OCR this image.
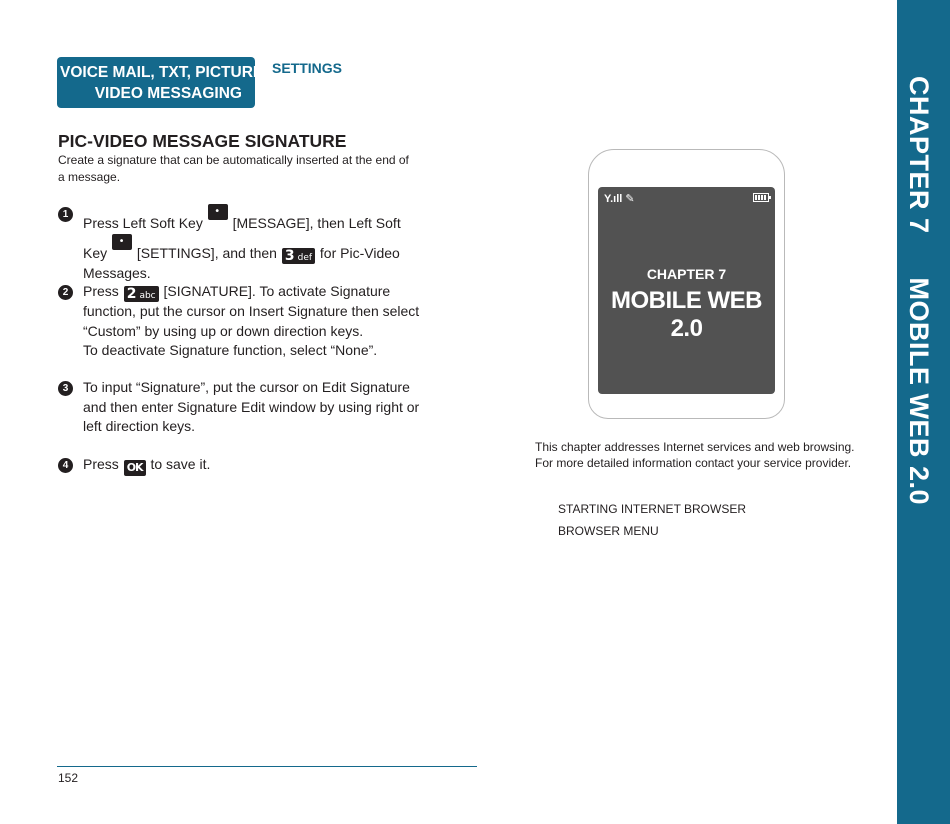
VOICE MAIL, TXT, PICTURE,
VIDEO MESSAGING
SETTINGS
PIC-VIDEO MESSAGE SIGNATURE
Create a signature that can be automatically inserted at the end of a message.
1
Press Left Soft Key • • [MESSAGE], then Left Soft Key • • [SETTINGS], and then 3 def for Pic-Video Messages.
2	Press 2 abc [SIGNATURE]. To activate Signature function, put the cursor on Insert Signature then select “Custom” by using up or down direction keys.
To deactivate Signature function, select “None”.
3	To input “Signature”, put the cursor on Edit Signature and then enter Signature Edit window by using right or left direction keys.
4	Press OK to save it.
152
Y.ıll ✎
CHAPTER 7
MOBILE WEB 2.0
This chapter addresses Internet services and web browsing.
For more detailed information contact your service provider.
STARTING INTERNET BROWSER
BROWSER MENU
CHAPTER 7MOBILE WEB 2.0
